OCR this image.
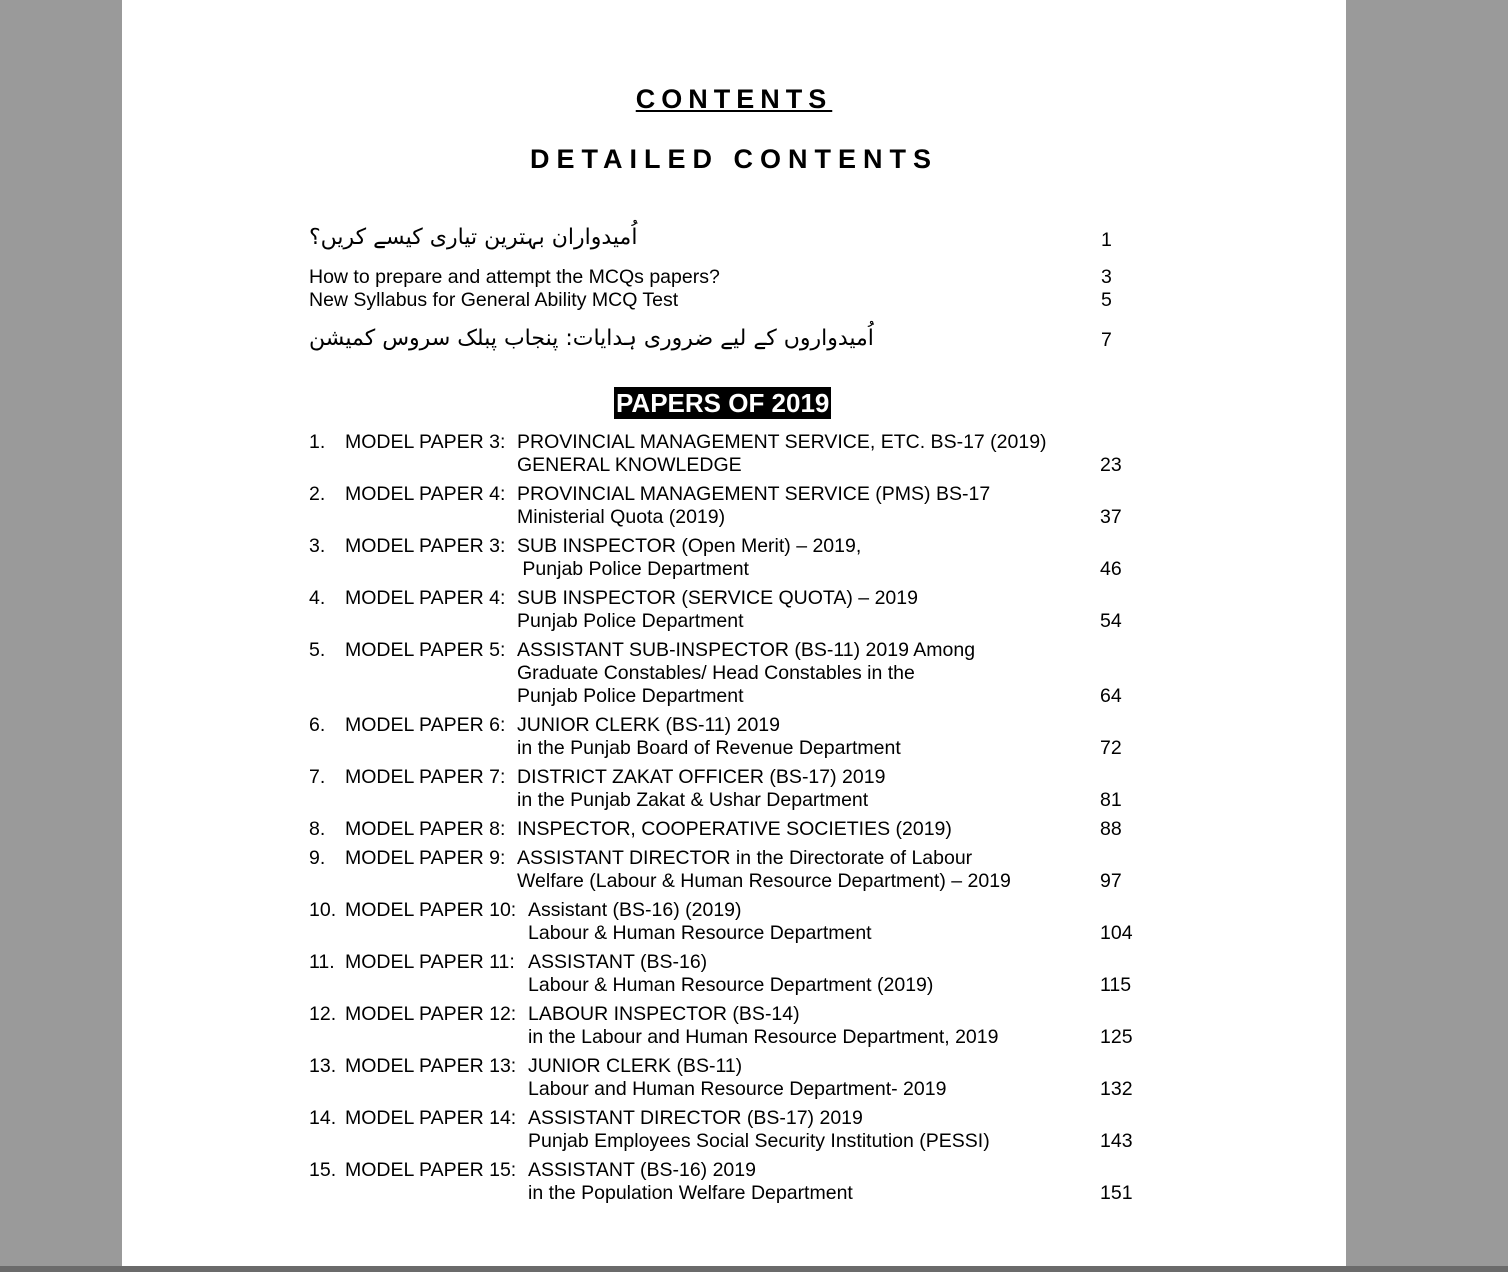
CONTENTS
DETAILED CONTENTS
اُمیدواران بہترین تیاری کیسے کریں؟	1
How to prepare and attempt the MCQs papers?	3
New Syllabus for General Ability MCQ Test	5
اُمیدواروں کے لیے ضروری ہدایات: پنجاب پبلک سروس کمیشن	7
PAPERS OF 2019
1. MODEL PAPER 3: PROVINCIAL MANAGEMENT SERVICE, ETC. BS-17 (2019)
GENERAL KNOWLEDGE	23
2. MODEL PAPER 4: PROVINCIAL MANAGEMENT SERVICE (PMS) BS-17
Ministerial Quota (2019)	37
3. MODEL PAPER 3: SUB INSPECTOR (Open Merit) – 2019,
Punjab Police Department	46
4. MODEL PAPER 4: SUB INSPECTOR (SERVICE QUOTA) – 2019
Punjab Police Department	54
5. MODEL PAPER 5: ASSISTANT SUB-INSPECTOR (BS-11) 2019 Among
Graduate Constables/ Head Constables in the
Punjab Police Department	64
6. MODEL PAPER 6: JUNIOR CLERK (BS-11) 2019
in the Punjab Board of Revenue Department	72
7. MODEL PAPER 7: DISTRICT ZAKAT OFFICER (BS-17) 2019
in the Punjab Zakat & Ushar Department	81
8. MODEL PAPER 8: INSPECTOR, COOPERATIVE SOCIETIES (2019)	88
9. MODEL PAPER 9: ASSISTANT DIRECTOR in the Directorate of Labour
Welfare (Labour & Human Resource Department) – 2019	97
10. MODEL PAPER 10: Assistant (BS-16) (2019)
Labour & Human Resource Department	104
11. MODEL PAPER 11: ASSISTANT (BS-16)
Labour & Human Resource Department (2019)	115
12. MODEL PAPER 12: LABOUR INSPECTOR (BS-14)
in the Labour and Human Resource Department, 2019	125
13. MODEL PAPER 13: JUNIOR CLERK (BS-11)
Labour and Human Resource Department- 2019	132
14. MODEL PAPER 14: ASSISTANT DIRECTOR (BS-17) 2019
Punjab Employees Social Security Institution (PESSI)	143
15. MODEL PAPER 15: ASSISTANT (BS-16) 2019
in the Population Welfare Department	151
